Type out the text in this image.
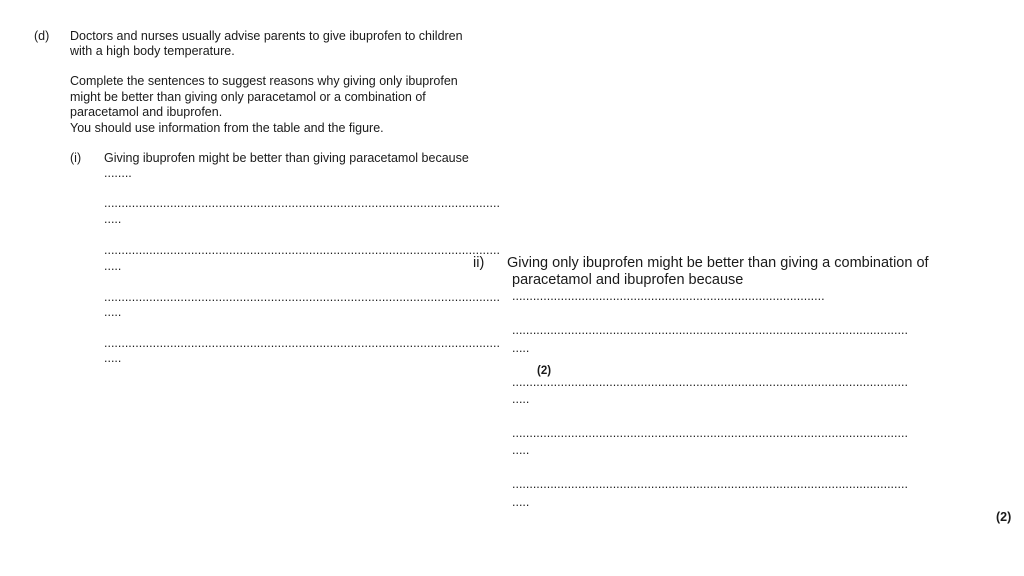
(d) Doctors and nurses usually advise parents to give ibuprofen to children
with a high body temperature.
Complete the sentences to suggest reasons why giving only ibuprofen
might be better than giving only paracetamol or a combination of
paracetamol and ibuprofen.
You should use information from the table and the figure.
(i) Giving ibuprofen might be better than giving paracetamol because
........
..................................................................................................................
.....
..................................................................................................................
.....
..................................................................................................................
.....
..................................................................................................................
.....
(2)
ii) Giving only ibuprofen might be better than giving a combination of
paracetamol and ibuprofen because
..........................................................................................
..................................................................................................................
.....
..................................................................................................................
.....
..................................................................................................................
.....
..................................................................................................................
.....
(2)
